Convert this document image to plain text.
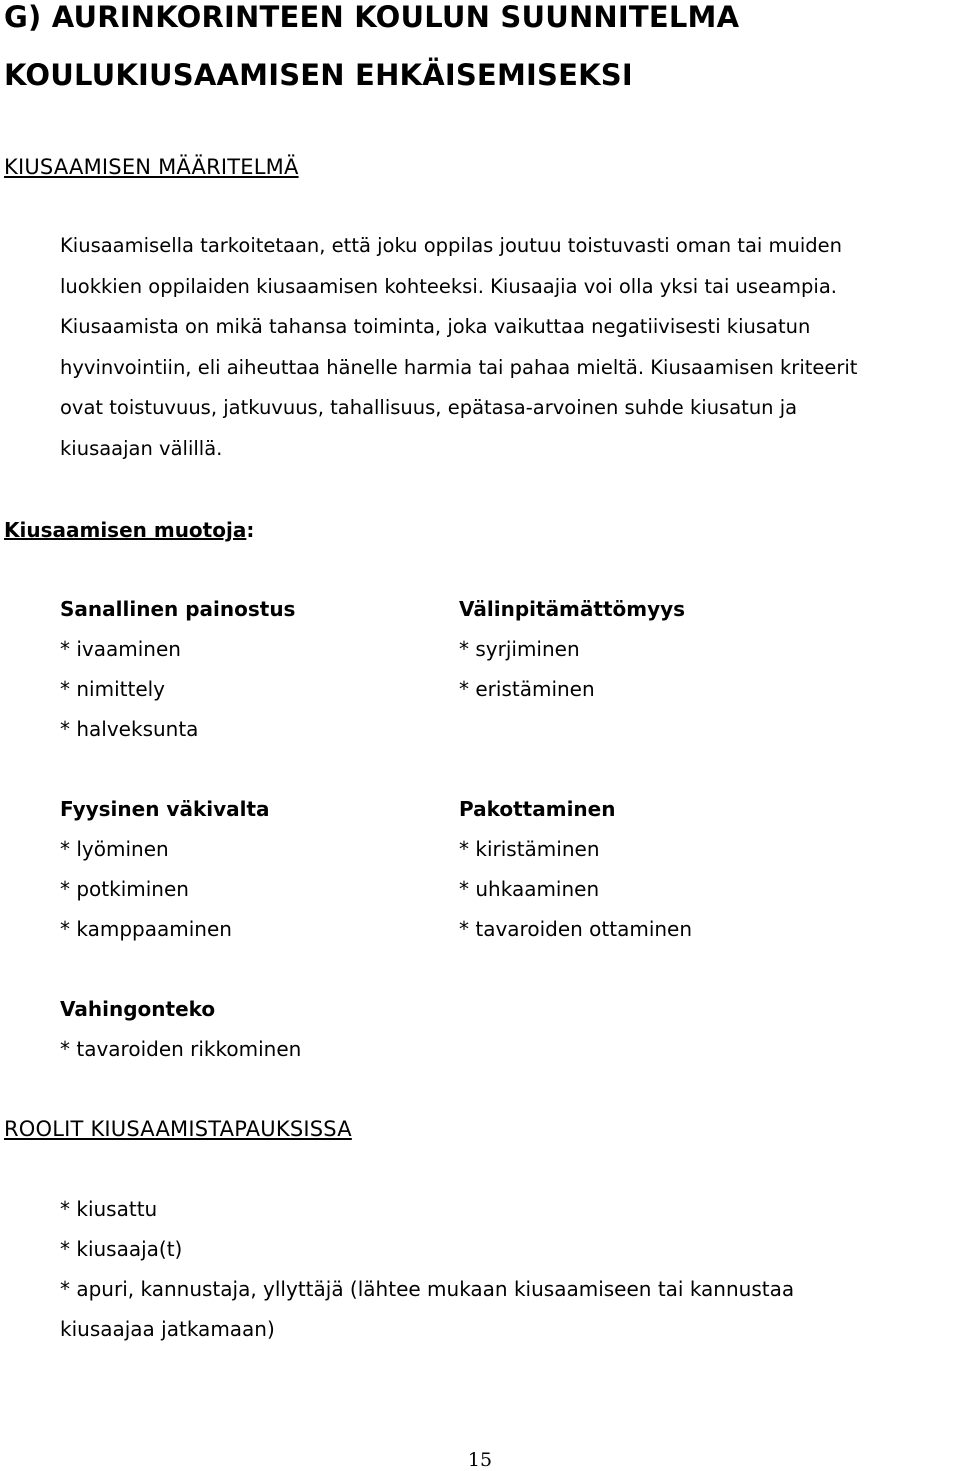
G) AURINKORINTEEN KOULUN SUUNNITELMA
KOULUKIUSAAMISEN EHKÄISEMISEKSI
KIUSAAMISEN MÄÄRITELMÄ

Kiusaamisella tarkoitetaan, että joku oppilas joutuu toistuvasti oman tai muiden

luokkien oppilaiden kiusaamisen kohteeksi. Kiusaajia voi olla yksi tai useampia.

Kiusaamista on mikä tahansa toiminta, joka vaikuttaa negatiivisesti kiusatun

hyvinvointiin, eli aiheuttaa hänelle harmia tai pahaa mieltä. Kiusaamisen kriteerit

ovat toistuvuus, jatkuvuus, tahallisuus, epätasa-arvoinen suhde kiusatun ja

kiusaajan välillä.

Kiusaamisen muotoja:
Sanallinen painostus
* ivaaminen
* nimittely
* halveksunta
Välinpitämättömyys
* syrjiminen
* eristäminen
Fyysinen väkivalta
* lyöminen
* potkiminen
* kamppaaminen
Pakottaminen
* kiristäminen
* uhkaaminen
* tavaroiden ottaminen
Vahingonteko
* tavaroiden rikkominen
ROOLIT KIUSAAMISTAPAUKSISSA
* kiusattu
* kiusaaja(t)
* apuri, kannustaja, yllyttäjä (lähtee mukaan kiusaamiseen tai kannustaa
kiusaajaa jatkamaan)
15
